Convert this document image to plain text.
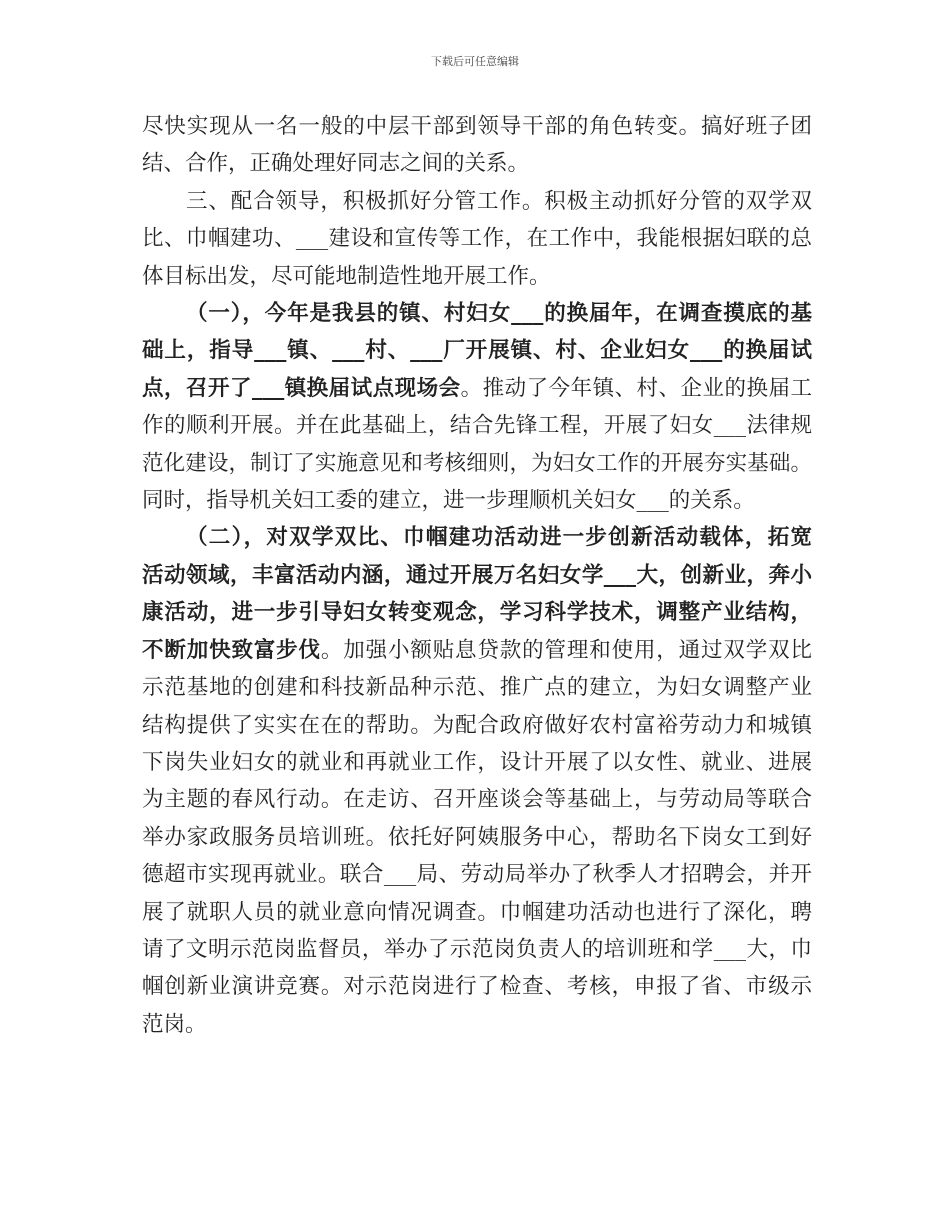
下载后可任意编辑
尽快实现从一名一般的中层干部到领导干部的角色转变。搞好班子团
结、合作，正确处理好同志之间的关系。
三、配合领导，积极抓好分管工作。积极主动抓好分管的双学双
比、巾帼建功、___建设和宣传等工作，在工作中，我能根据妇联的总
体目标出发，尽可能地制造性地开展工作。
（一），今年是我县的镇、村妇女___的换届年，在调查摸底的基
础上，指导___镇、___村、___厂开展镇、村、企业妇女___的换届试
点，召开了___镇换届试点现场会。推动了今年镇、村、企业的换届工
作的顺利开展。并在此基础上，结合先锋工程，开展了妇女___法律规
范化建设，制订了实施意见和考核细则，为妇女工作的开展夯实基础。
同时，指导机关妇工委的建立，进一步理顺机关妇女___的关系。
（二），对双学双比、巾帼建功活动进一步创新活动载体，拓宽
活动领域，丰富活动内涵，通过开展万名妇女学___大，创新业，奔小
康活动，进一步引导妇女转变观念，学习科学技术，调整产业结构，
不断加快致富步伐。加强小额贴息贷款的管理和使用，通过双学双比
示范基地的创建和科技新品种示范、推广点的建立，为妇女调整产业
结构提供了实实在在的帮助。为配合政府做好农村富裕劳动力和城镇
下岗失业妇女的就业和再就业工作，设计开展了以女性、就业、进展
为主题的春风行动。在走访、召开座谈会等基础上，与劳动局等联合
举办家政服务员培训班。依托好阿姨服务中心，帮助名下岗女工到好
德超市实现再就业。联合___局、劳动局举办了秋季人才招聘会，并开
展了就职人员的就业意向情况调查。巾帼建功活动也进行了深化，聘
请了文明示范岗监督员，举办了示范岗负责人的培训班和学___大，巾
帼创新业演讲竞赛。对示范岗进行了检查、考核，申报了省、市级示
范岗。
